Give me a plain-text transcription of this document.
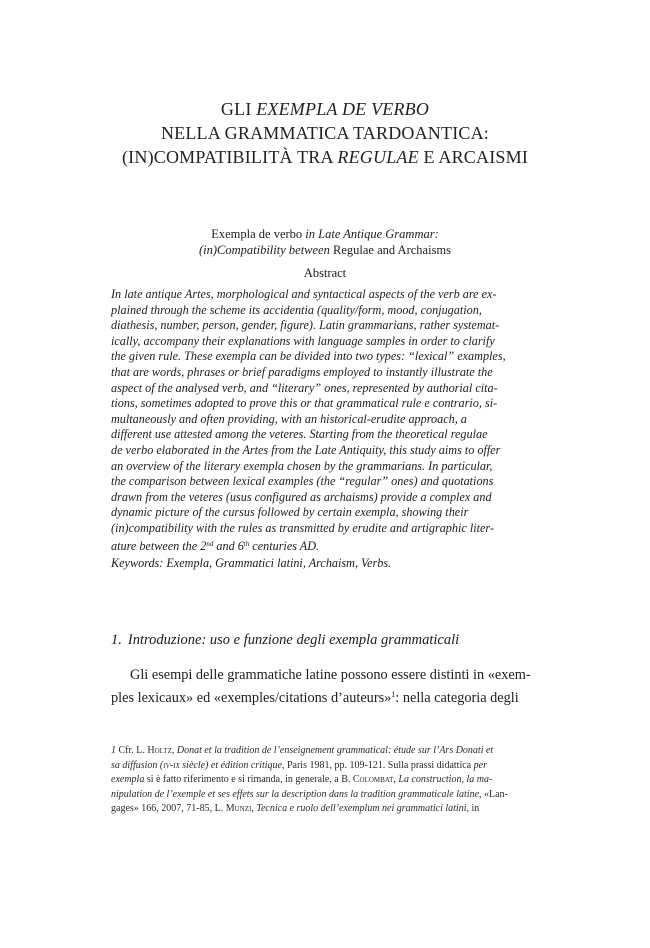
GLI EXEMPLA DE VERBO
NELLA GRAMMATICA TARDOANTICA:
(IN)COMPATIBILITÀ TRA REGULAE E ARCAISMI
Exempla de verbo in Late Antique Grammar:
(in)Compatibility between Regulae and Archaisms
Abstract
In late antique Artes, morphological and syntactical aspects of the verb are ex-
plained through the scheme its accidentia (quality/form, mood, conjugation,
diathesis, number, person, gender, figure). Latin grammarians, rather systemat-
ically, accompany their explanations with language samples in order to clarify
the given rule. These exempla can be divided into two types: “lexical” examples,
that are words, phrases or brief paradigms employed to instantly illustrate the
aspect of the analysed verb, and “literary” ones, represented by authorial cita-
tions, sometimes adopted to prove this or that grammatical rule e contrario, si-
multaneously and often providing, with an historical-erudite approach, a
different use attested among the veteres. Starting from the theoretical regulae
de verbo elaborated in the Artes from the Late Antiquity, this study aims to offer
an overview of the literary exempla chosen by the grammarians. In particular,
the comparison between lexical examples (the “regular” ones) and quotations
drawn from the veteres (usus configured as archaisms) provide a complex and
dynamic picture of the cursus followed by certain exempla, showing their
(in)compatibility with the rules as transmitted by erudite and artigraphic liter-
ature between the 2nd and 6th centuries AD.
Keywords: Exempla, Grammatici latini, Archaism, Verbs.
1. Introduzione: uso e funzione degli exempla grammaticali
Gli esempi delle grammatiche latine possono essere distinti in «exem-
ples lexicaux» ed «exemples/citations d’auteurs»$^1$: nella categoria degli
1 Cfr. L. Holtz, Donat et la tradition de l’enseignement grammatical: étude sur l’Ars Donati et
sa diffusion (iv-ix siècle) et édition critique, Paris 1981, pp. 109-121. Sulla prassi didattica per
exempla si è fatto riferimento e si rimanda, in generale, a B. Colombat, La construction, la ma-
nipulation de l’exemple et ses effets sur la description dans la tradition grammaticale latine, «Lan-
gages» 166, 2007, 71-85, L. Munzi, Tecnica e ruolo dell’exemplum nei grammatici latini, in
